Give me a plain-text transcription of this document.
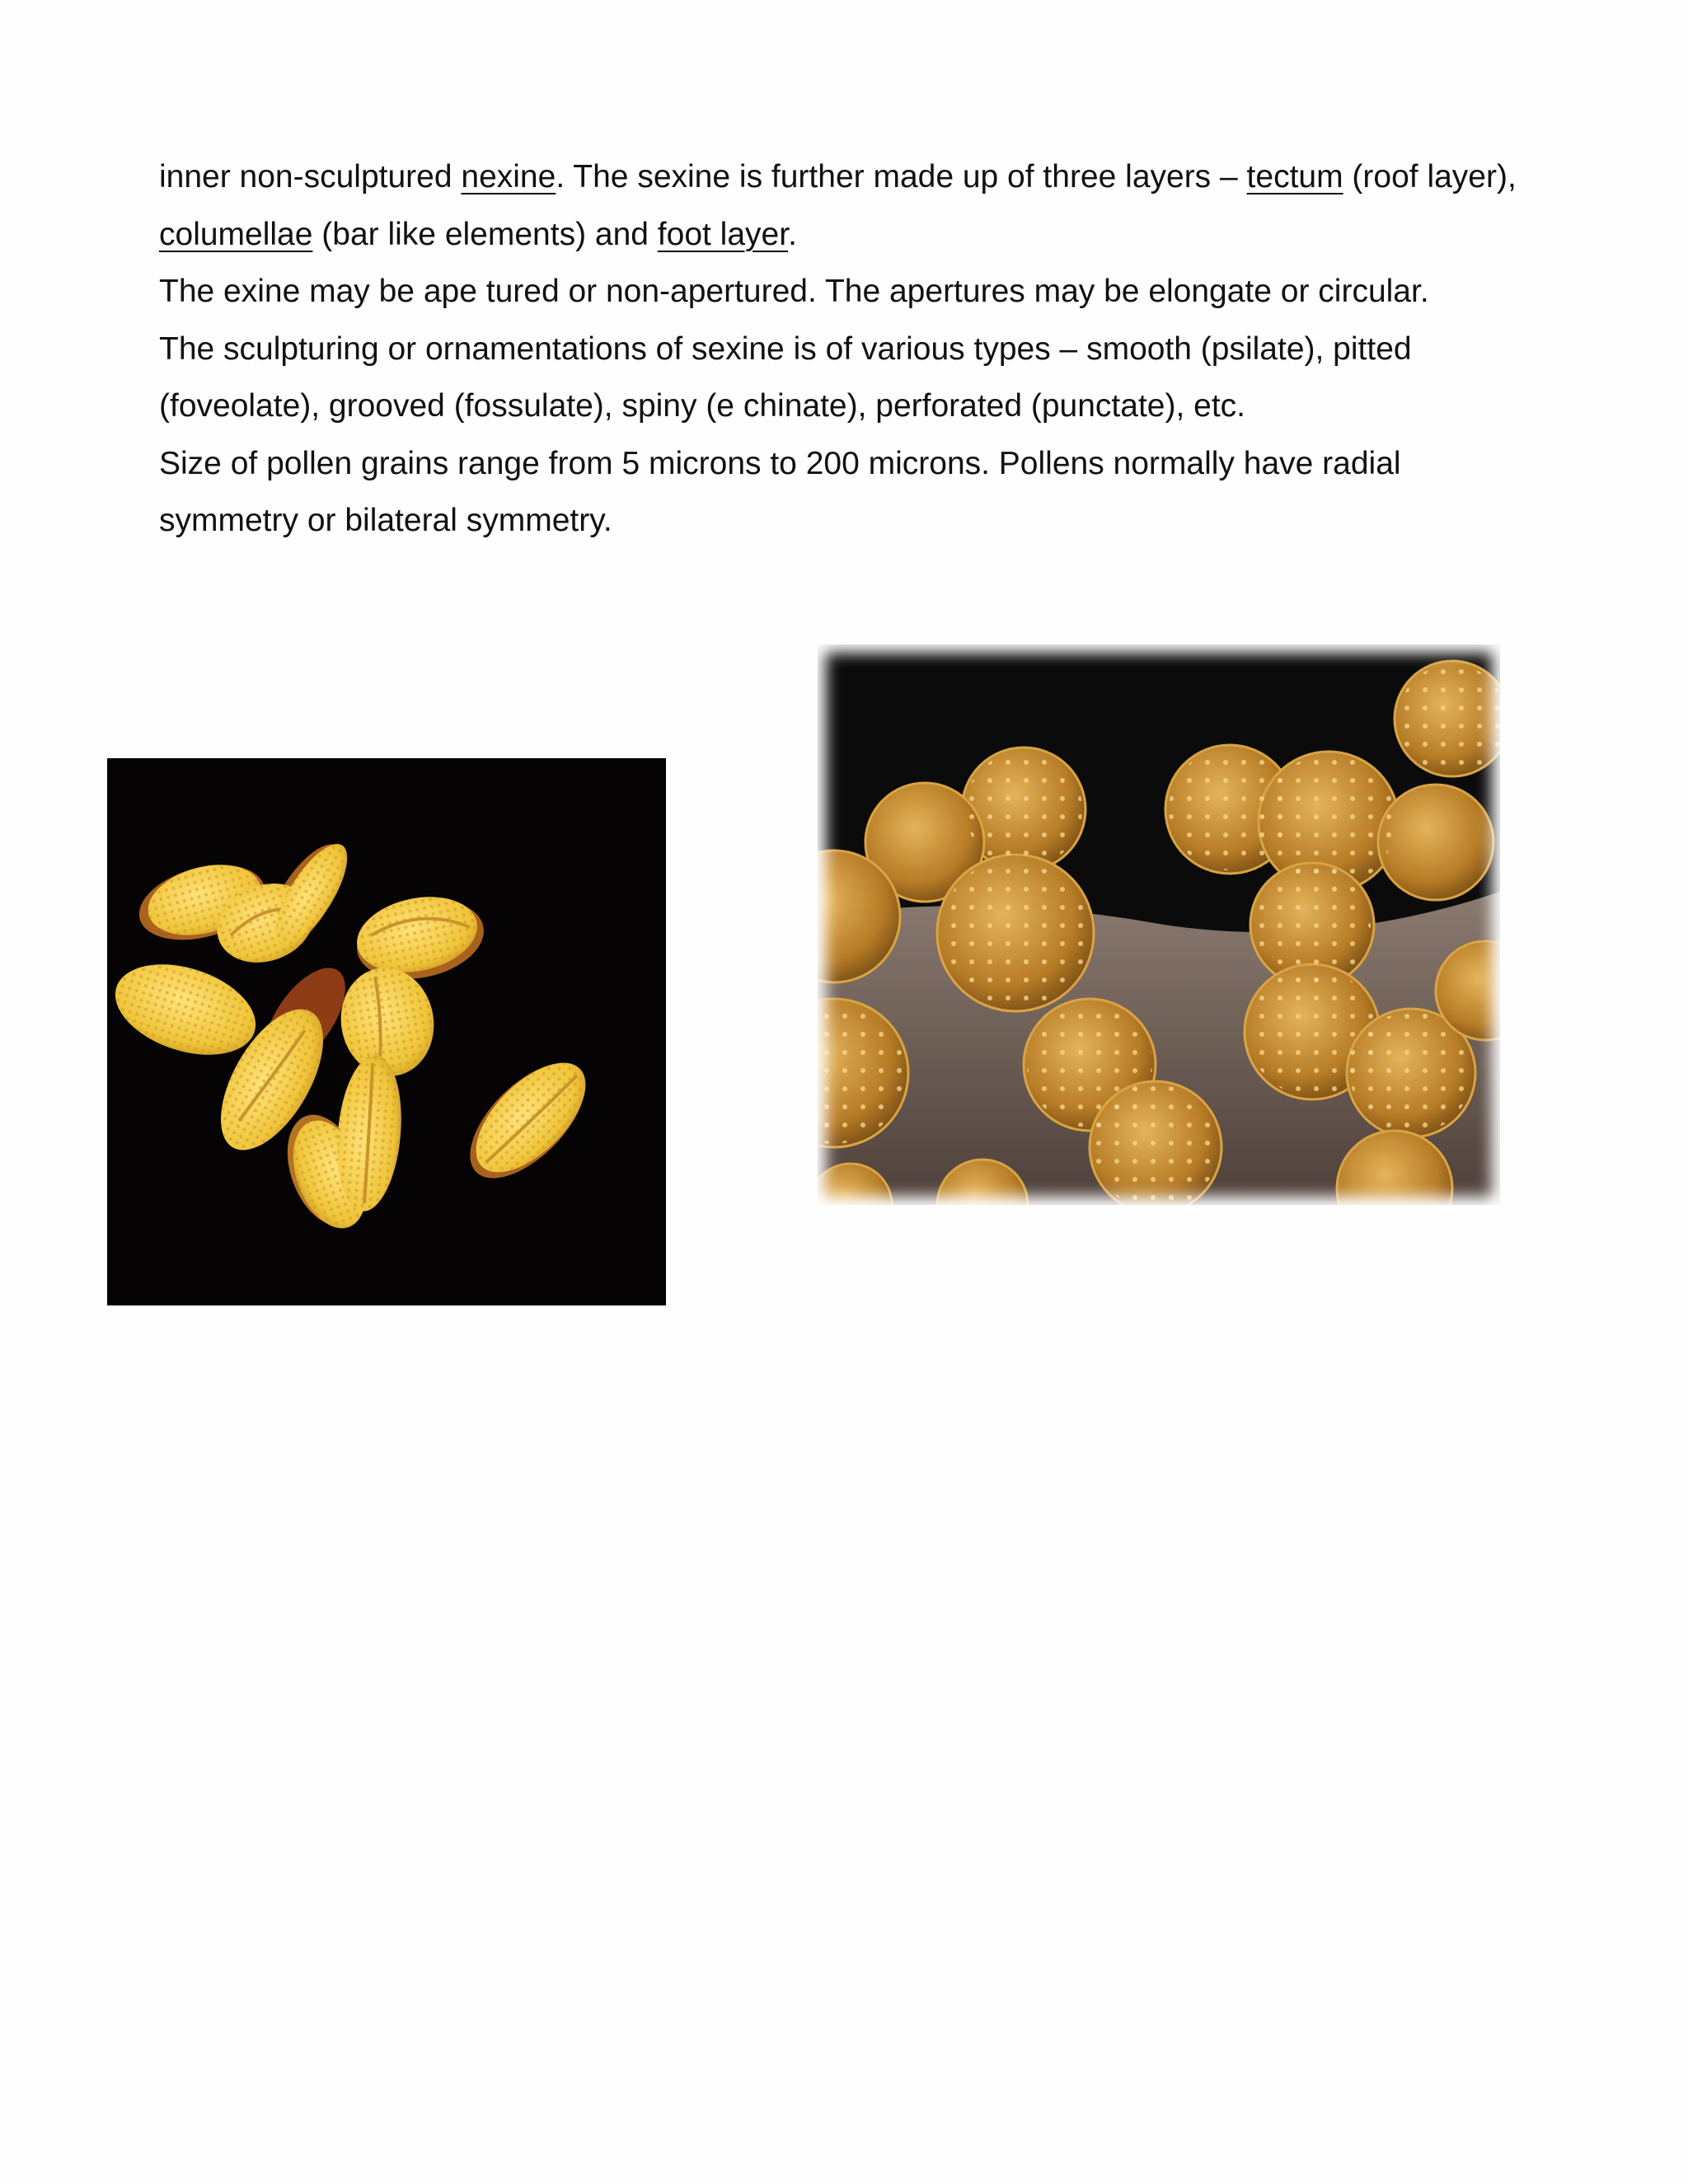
inner non-sculptured nexine. The sexine is further made up of three layers – tectum (roof layer),
columellae (bar like elements) and foot layer.
The exine may be ape tured or non-apertured. The apertures may be elongate or circular.
The sculpturing or ornamentations of sexine is of various types – smooth (psilate), pitted
(foveolate), grooved (fossulate), spiny (e chinate), perforated (punctate), etc.
Size of pollen grains range from 5 microns to 200 microns. Pollens normally have radial
symmetry or bilateral symmetry.
